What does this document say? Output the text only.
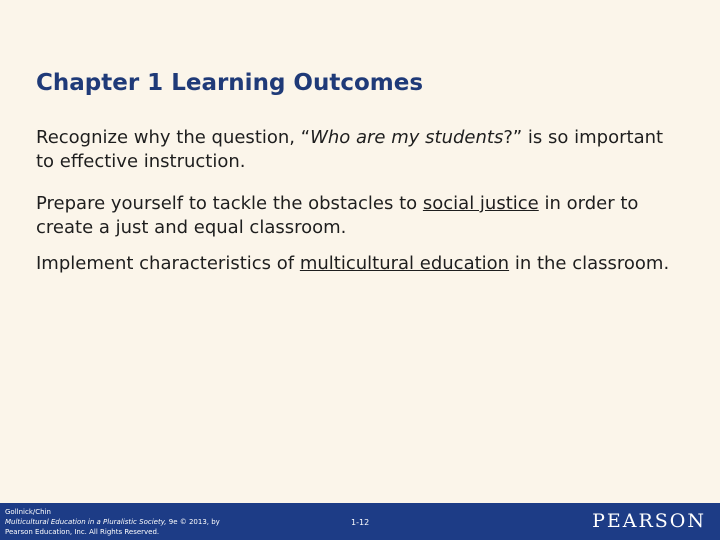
Chapter 1 Learning Outcomes

Recognize why the question, “Who are my students?” is so important to effective instruction.

Prepare yourself to tackle the obstacles to social justice in order to create a just and equal classroom.

Implement characteristics of multicultural education in the classroom.

Gollnick/Chin
Multicultural Education in a Pluralistic Society, 9e © 2013, by
Pearson Education, Inc. All Rights Reserved.
1-12	PEARSON
